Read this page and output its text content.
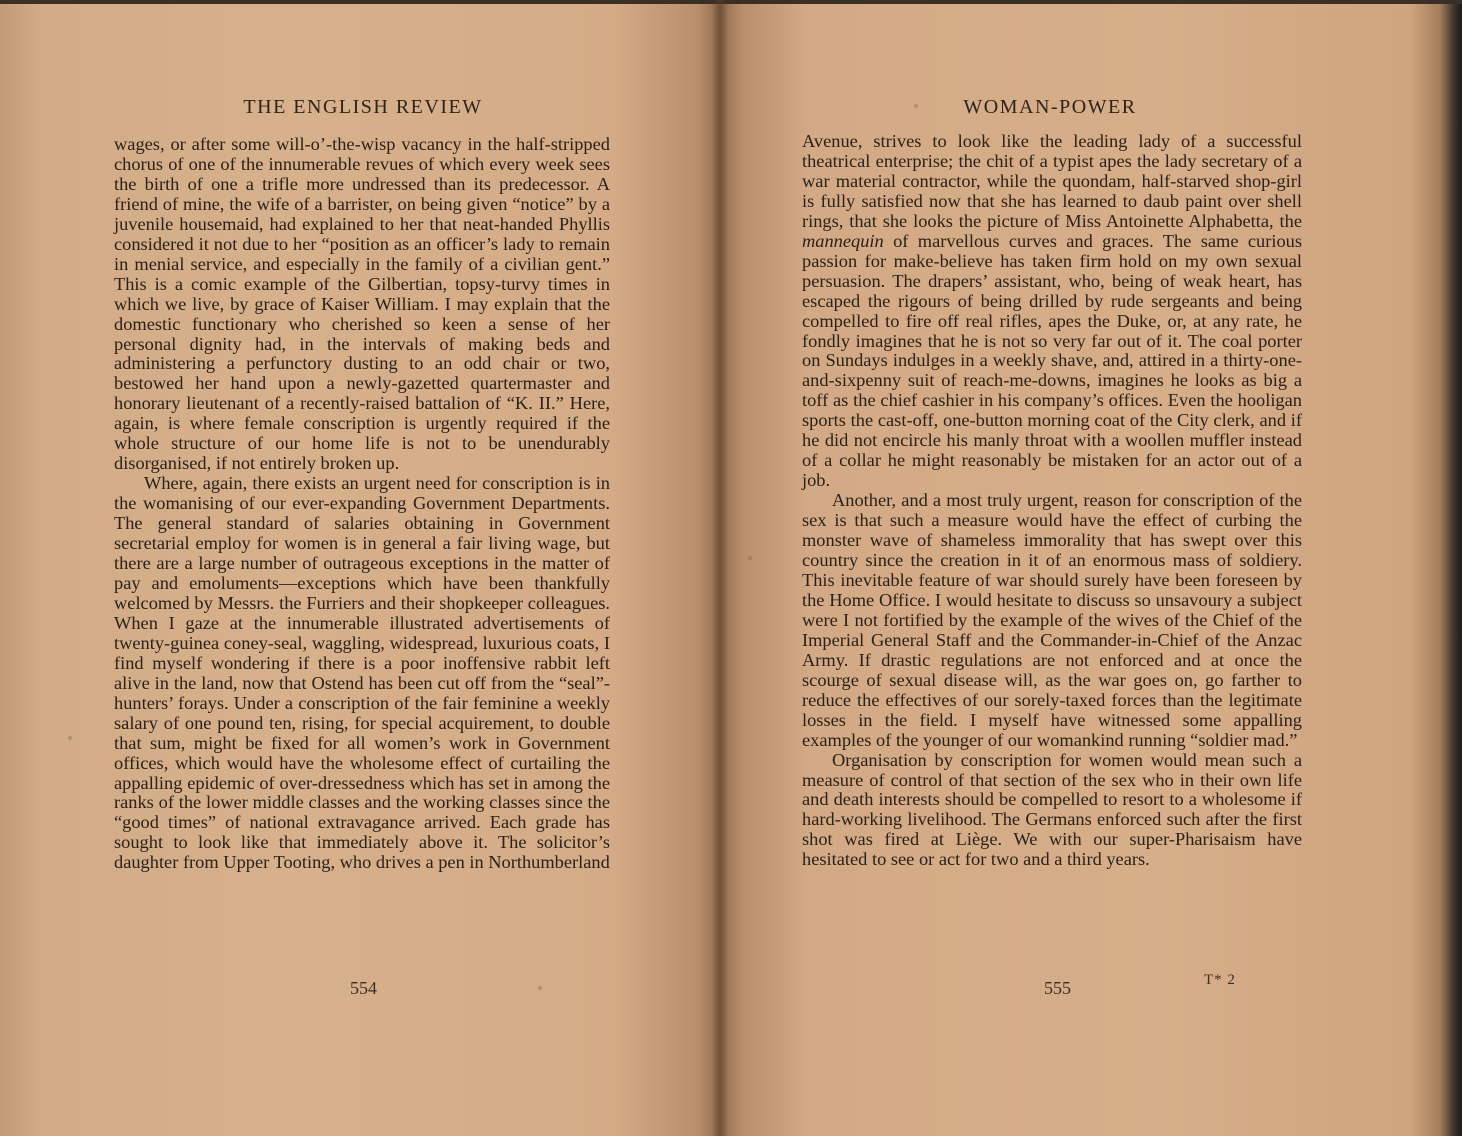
THE ENGLISH REVIEW

wages, or after some will-o’-the-wisp vacancy in the half-stripped chorus of one of the innumerable revues of which every week sees the birth of one a trifle more undressed than its predecessor. A friend of mine, the wife of a barrister, on being given “notice” by a juvenile housemaid, had explained to her that neat-handed Phyllis considered it not due to her “position as an officer’s lady to remain in menial service, and especially in the family of a civilian gent.” This is a comic example of the Gilbertian, topsy-turvy times in which we live, by grace of Kaiser William. I may explain that the domestic functionary who cherished so keen a sense of her personal dignity had, in the intervals of making beds and administering a perfunctory dusting to an odd chair or two, bestowed her hand upon a newly-gazetted quartermaster and honorary lieutenant of a recently-raised battalion of “K. II.” Here, again, is where female conscription is urgently required if the whole structure of our home life is not to be unendurably disorganised, if not entirely broken up.

Where, again, there exists an urgent need for conscription is in the womanising of our ever-expanding Government Departments. The general standard of salaries obtaining in Government secretarial employ for women is in general a fair living wage, but there are a large number of outrageous exceptions in the matter of pay and emoluments—exceptions which have been thankfully welcomed by Messrs. the Furriers and their shopkeeper colleagues. When I gaze at the innumerable illustrated advertisements of twenty-guinea coney-seal, waggling, widespread, luxurious coats, I find myself wondering if there is a poor inoffensive rabbit left alive in the land, now that Ostend has been cut off from the “seal”-hunters’ forays. Under a conscription of the fair feminine a weekly salary of one pound ten, rising, for special acquirement, to double that sum, might be fixed for all women’s work in Government offices, which would have the wholesome effect of curtailing the appalling epidemic of over-dressedness which has set in among the ranks of the lower middle classes and the working classes since the “good times” of national extravagance arrived. Each grade has sought to look like that immediately above it. The solicitor’s daughter from Upper Tooting, who drives a pen in Northumberland

554
WOMAN-POWER

Avenue, strives to look like the leading lady of a successful theatrical enterprise; the chit of a typist apes the lady secretary of a war material contractor, while the quondam, half-starved shop-girl is fully satisfied now that she has learned to daub paint over shell rings, that she looks the picture of Miss Antoinette Alphabetta, the mannequin of marvellous curves and graces. The same curious passion for make-believe has taken firm hold on my own sexual persuasion. The drapers’ assistant, who, being of weak heart, has escaped the rigours of being drilled by rude sergeants and being compelled to fire off real rifles, apes the Duke, or, at any rate, he fondly imagines that he is not so very far out of it. The coal porter on Sundays indulges in a weekly shave, and, attired in a thirty-one-and-sixpenny suit of reach-me-downs, imagines he looks as big a toff as the chief cashier in his company’s offices. Even the hooligan sports the cast-off, one-button morning coat of the City clerk, and if he did not encircle his manly throat with a woollen muffler instead of a collar he might reasonably be mistaken for an actor out of a job.

Another, and a most truly urgent, reason for conscription of the sex is that such a measure would have the effect of curbing the monster wave of shameless immorality that has swept over this country since the creation in it of an enormous mass of soldiery. This inevitable feature of war should surely have been foreseen by the Home Office. I would hesitate to discuss so unsavoury a subject were I not fortified by the example of the wives of the Chief of the Imperial General Staff and the Commander-in-Chief of the Anzac Army. If drastic regulations are not enforced and at once the scourge of sexual disease will, as the war goes on, go farther to reduce the effectives of our sorely-taxed forces than the legitimate losses in the field. I myself have witnessed some appalling examples of the younger of our womankind running “soldier mad.”

Organisation by conscription for women would mean such a measure of control of that section of the sex who in their own life and death interests should be compelled to resort to a wholesome if hard-working livelihood. The Germans enforced such after the first shot was fired at Liège. We with our super-Pharisaism have hesitated to see or act for two and a third years.

555	T* 2
